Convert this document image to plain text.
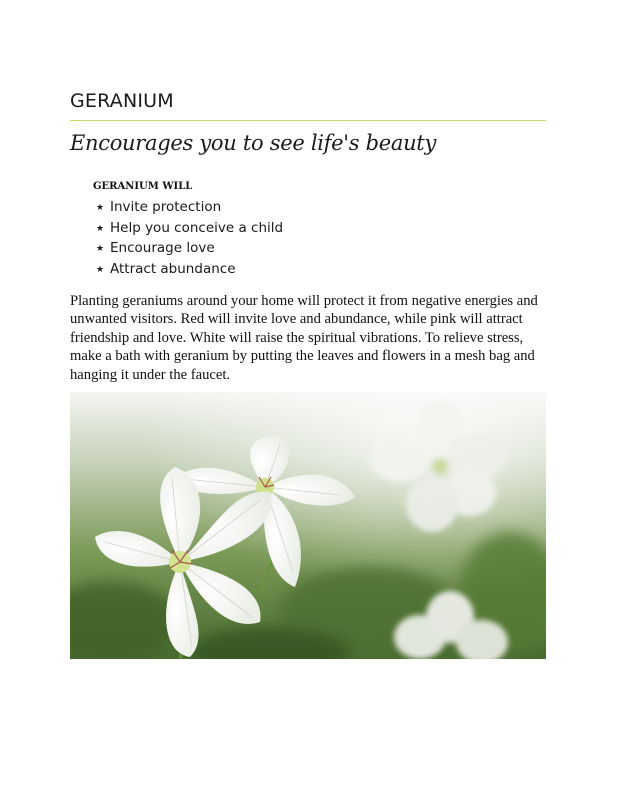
GERANIUM
Encourages you to see life's beauty
GERANIUM WILL
★ Invite protection
★ Help you conceive a child
★ Encourage love
★ Attract abundance

Planting geraniums around your home will protect it from negative energies and unwanted visitors. Red will invite love and abundance, while pink will attract friendship and love. White will raise the spiritual vibrations. To relieve stress, make a bath with geranium by putting the leaves and flowers in a mesh bag and hanging it under the faucet.
